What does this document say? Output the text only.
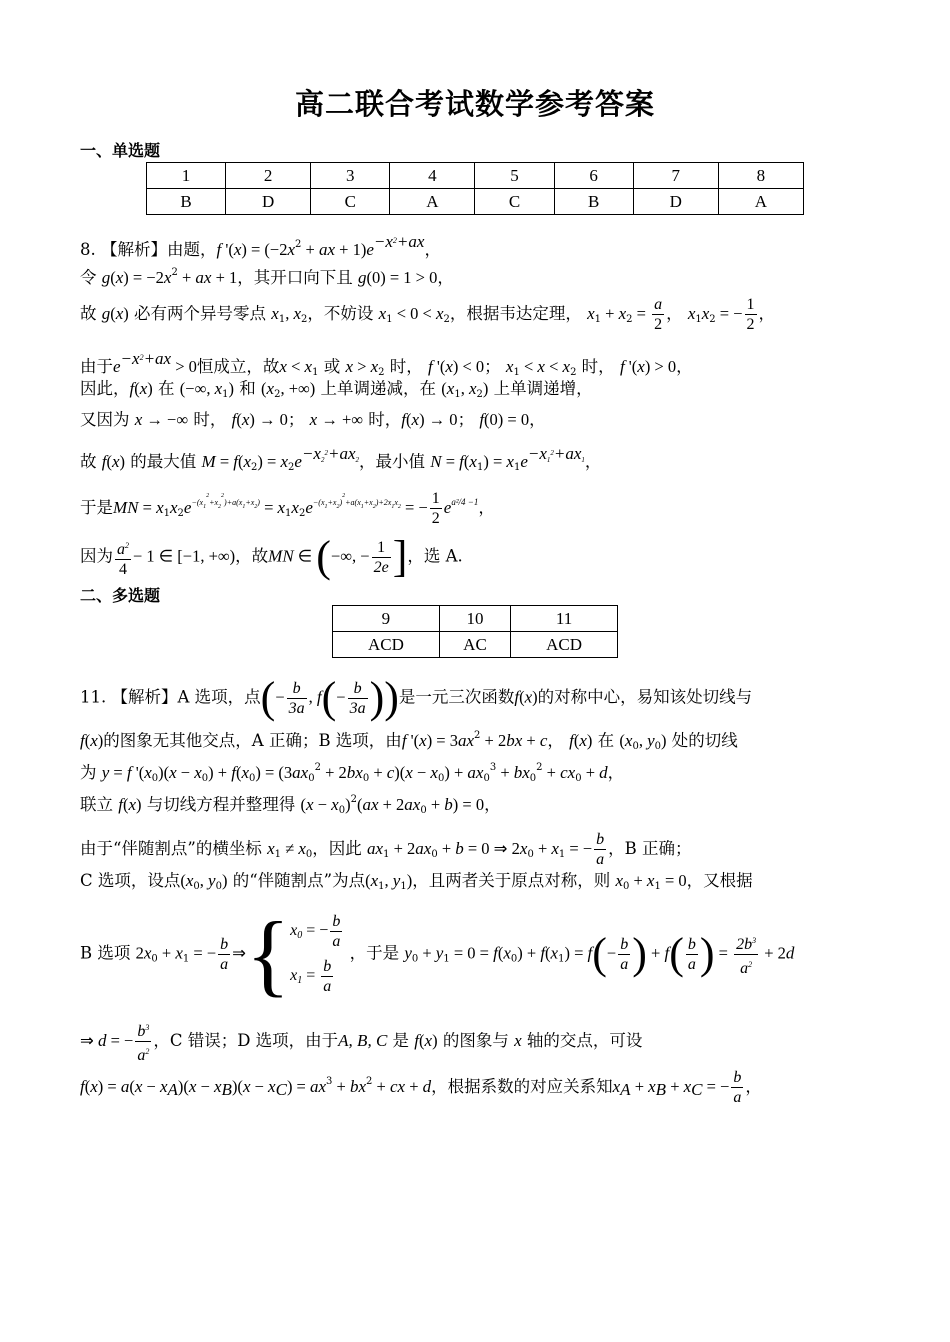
高二联合考试数学参考答案
一、单选题
1	2	3	4	5	6	7	8
B	D	C	A	C	B	D	A
8. 【解析】由题，f '$(x) = (-2x^2$ + ax + $1)e^{-x^2+ax}$，
令 $g(x) = -2x^2$ + ax + 1，其开口向下且 g(0) = 1 > 0，
故 g(x) 必有两个异号零点 $x_1$, $x_2$，不妨设 $x_1 < 0 < x_2$，根据韦达定理， $x_1 + x_2 = \frac{a}{2}$ ， $x_1x_2$ = − $\frac{1}{2}$ ，
由于$e^{-x^2+ax} > 0$恒成立，故$x < x_1$ 或 $x > x_2$ 时， f '(x) < 0； $x_1 < x < x_2$ 时， f '(x) > 0，
因此，f(x) 在 (−∞, $x_1$) 和 ($x_2$, +∞) 上单调递减，在 ($x_1$, $x_2$) 上单调递增，
又因为 x → −∞ 时， f(x) → 0； x → +∞ 时，f(x) → 0； f(0) = 0，
故 f(x) 的最大值 $M = f(x_2) = x_2e^{-x_2^2+ax_2}$，最小值 $N = f(x_1) = x_1e^{-x_1^2+ax_1}$，
于是MN = $x_1x_2e^{-(x_1^2+x_2^2)+a(x_1+x_2)} = x_1x_2e^{-(x_1+x_2)^2+a(x_1+x_2)+2x_1x_2}$ = − $\frac{1}{2} e^{a^2/4 -1}$，
因为 $\frac{a^2}{4} - 1$ ∈ [−1, +∞)，故MN ∈ (−∞, − $\frac{1}{2e}$ ]，选 A.
二、多选题
9	10	11
ACD	AC	ACD
11. 【解析】A 选项，点(− $\frac{b}{3a}$ , $f(- \frac{b}{3a}$ ))是一元三次函数f(x)的对称中心，易知该处切线与
f(x)的图象无其他交点，A 正确；B 选项，由f '$(x) = 3ax^2 + 2bx + c$， f(x) 在 ($x_0$, $y_0$) 处的切线
为 y = f '$(x_0)(x - x_0) + f(x_0) = (3ax_0^2 + 2bx_0 + c)(x - x_0) + ax_0^3 + bx_0^2 + cx_0 + d$，
联立 f(x) 与切线方程并整理得 $(x - x_0)^2(ax + 2ax_0 + b) = 0$，
由于“伴随割点”的横坐标 $x_1 \ne x_0$，因此 $ax_1 + 2ax_0 + b = 0$ ⇒ $2x_0 + x_1$ = − $\frac{b}{a}$ ，B 正确；
C 选项，设点($x_0$, $y_0$) 的“伴随割点”为点($x_1$, $y_1$)，且两者关于原点对称，则 $x_0 + x_1 = 0$，又根据
B 选项 $2x_0 + x_1$ = − $\frac{b}{a}$ ⇒{ $x_0$ = − $\frac{b}{a}$
$x_1 = \frac{b}{a}$
，于是 $y_0 + y_1 = 0 = f(x_0) + f(x_1) = f(- \frac{b}{a}$ ) + $f( \frac{b}{a}$ ) = $\frac{2b^3}{a^2} + 2d$
⇒ d = − $\frac{b^3}{a^2}$ ，C 错误；D 选项，由于A, B, C 是 f(x) 的图象与 x 轴的交点，可设
$f(x) = a(x - x_A)(x - x_B)(x - x_C) = ax^3 + bx^2$ + cx + d，根据系数的对应关系知$x_A + x_B + x_C$ = − $\frac{b}{a}$ ，
